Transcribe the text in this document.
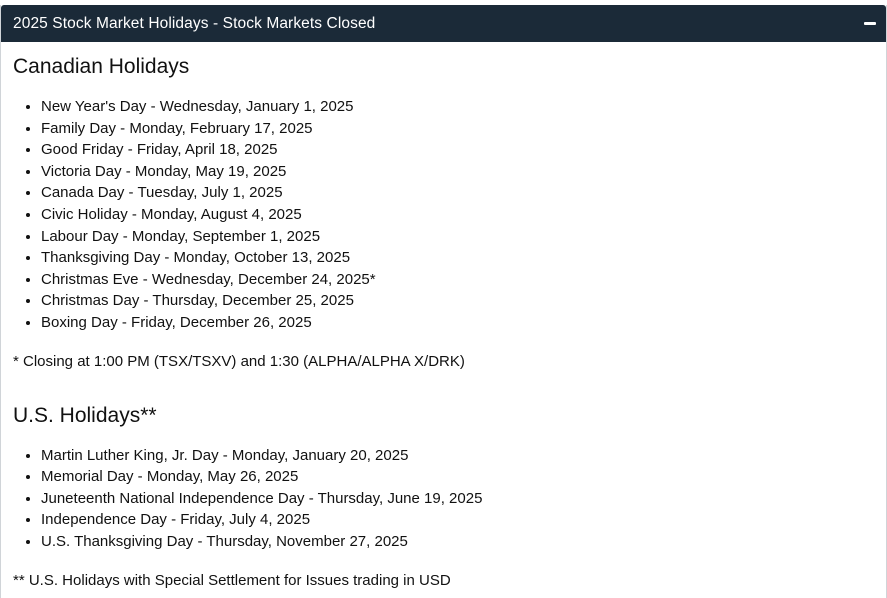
2025 Stock Market Holidays - Stock Markets Closed
Canadian Holidays
• New Year's Day - Wednesday, January 1, 2025
• Family Day - Monday, February 17, 2025
• Good Friday - Friday, April 18, 2025
• Victoria Day - Monday, May 19, 2025
• Canada Day - Tuesday, July 1, 2025
• Civic Holiday - Monday, August 4, 2025
• Labour Day - Monday, September 1, 2025
• Thanksgiving Day - Monday, October 13, 2025
• Christmas Eve - Wednesday, December 24, 2025*
• Christmas Day - Thursday, December 25, 2025
• Boxing Day - Friday, December 26, 2025

* Closing at 1:00 PM (TSX/TSXV) and 1:30 (ALPHA/ALPHA X/DRK)

U.S. Holidays**
• Martin Luther King, Jr. Day - Monday, January 20, 2025
• Memorial Day - Monday, May 26, 2025
• Juneteenth National Independence Day - Thursday, June 19, 2025
• Independence Day - Friday, July 4, 2025
• U.S. Thanksgiving Day - Thursday, November 27, 2025

** U.S. Holidays with Special Settlement for Issues trading in USD
